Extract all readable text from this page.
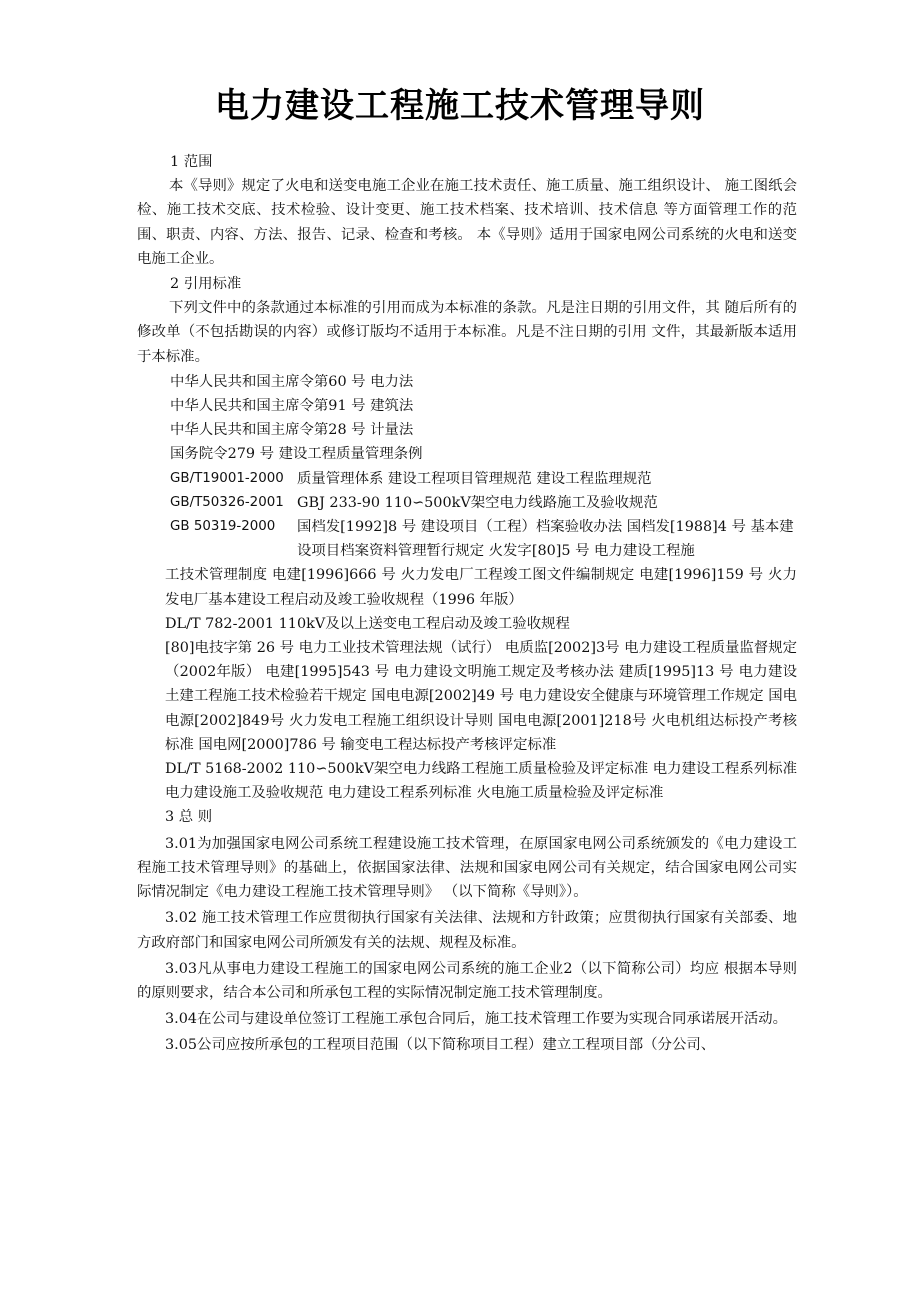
电力建设工程施工技术管理导则
1 范围

本《导则》规定了火电和送变电施工企业在施工技术责任、施工质量、施工组织设计、 施工图纸会检、施工技术交底、技术检验、设计变更、施工技术档案、技术培训、技术信息 等方面管理工作的范围、职责、内容、方法、报告、记录、检查和考核。 本《导则》适用于国家电网公司系统的火电和送变电施工企业。

2 引用标准

下列文件中的条款通过本标准的引用而成为本标准的条款。凡是注日期的引用文件，其 随后所有的修改单（不包括勘误的内容）或修订版均不适用于本标准。凡是不注日期的引用 文件，其最新版本适用于本标准。

中华人民共和国主席令第60 号 电力法
中华人民共和国主席令第91 号 建筑法
中华人民共和国主席令第28 号 计量法
国务院令279 号 建设工程质量管理条例
GB/T19001-2000 质量管理体系 建设工程项目管理规范 建设工程监理规范
GB/T50326-2001 GBJ 233-90 110∽500kV架空电力线路施工及验收规范
GB 50319-2000	国档发[1992]8 号 建设项目（工程）档案验收办法 国档发[1988]4 号 基本建设项目档案资料管理暂行规定 火发字[80]5 号 电力建设工程施
工技术管理制度 电建[1996]666 号 火力发电厂工程竣工图文件编制规定 电建[1996]159 号 火力发电厂基本建设工程启动及竣工验收规程（1996 年版）
DL/T 782-2001 110kV及以上送变电工程启动及竣工验收规程
[80]电技字第 26 号 电力工业技术管理法规（试行） 电质监[2002]3号 电力建设工程质量监督规定（2002年版） 电建[1995]543 号 电力建设文明施工规定及考核办法 建质[1995]13 号 电力建设土建工程施工技术检验若干规定 国电电源[2002]49 号 电力建设安全健康与环境管理工作规定 国电电源[2002]849号 火力发电工程施工组织设计导则 国电电源[2001]218号 火电机组达标投产考核标准 国电网[2000]786 号 输变电工程达标投产考核评定标准
DL/T 5168-2002 110∽500kV架空电力线路工程施工质量检验及评定标准 电力建设工程系列标准 电力建设施工及验收规范 电力建设工程系列标准 火电施工质量检验及评定标准
3 总 则

3.01为加强国家电网公司系统工程建设施工技术管理，在原国家电网公司系统颁发的《电力建设工程施工技术管理导则》的基础上，依据国家法律、法规和国家电网公司有关规定，结合国家电网公司实际情况制定《电力建设工程施工技术管理导则》 （以下简称《导则》）。

3.02 施工技术管理工作应贯彻执行国家有关法律、法规和方针政策；应贯彻执行国家有关部委、地方政府部门和国家电网公司所颁发有关的法规、规程及标准。

3.03凡从事电力建设工程施工的国家电网公司系统的施工企业2（以下简称公司）均应 根据本导则的原则要求，结合本公司和所承包工程的实际情况制定施工技术管理制度。

3.04在公司与建设单位签订工程施工承包合同后，施工技术管理工作要为实现合同承诺展开活动。

3.05公司应按所承包的工程项目范围（以下简称项目工程）建立工程项目部（分公司、
